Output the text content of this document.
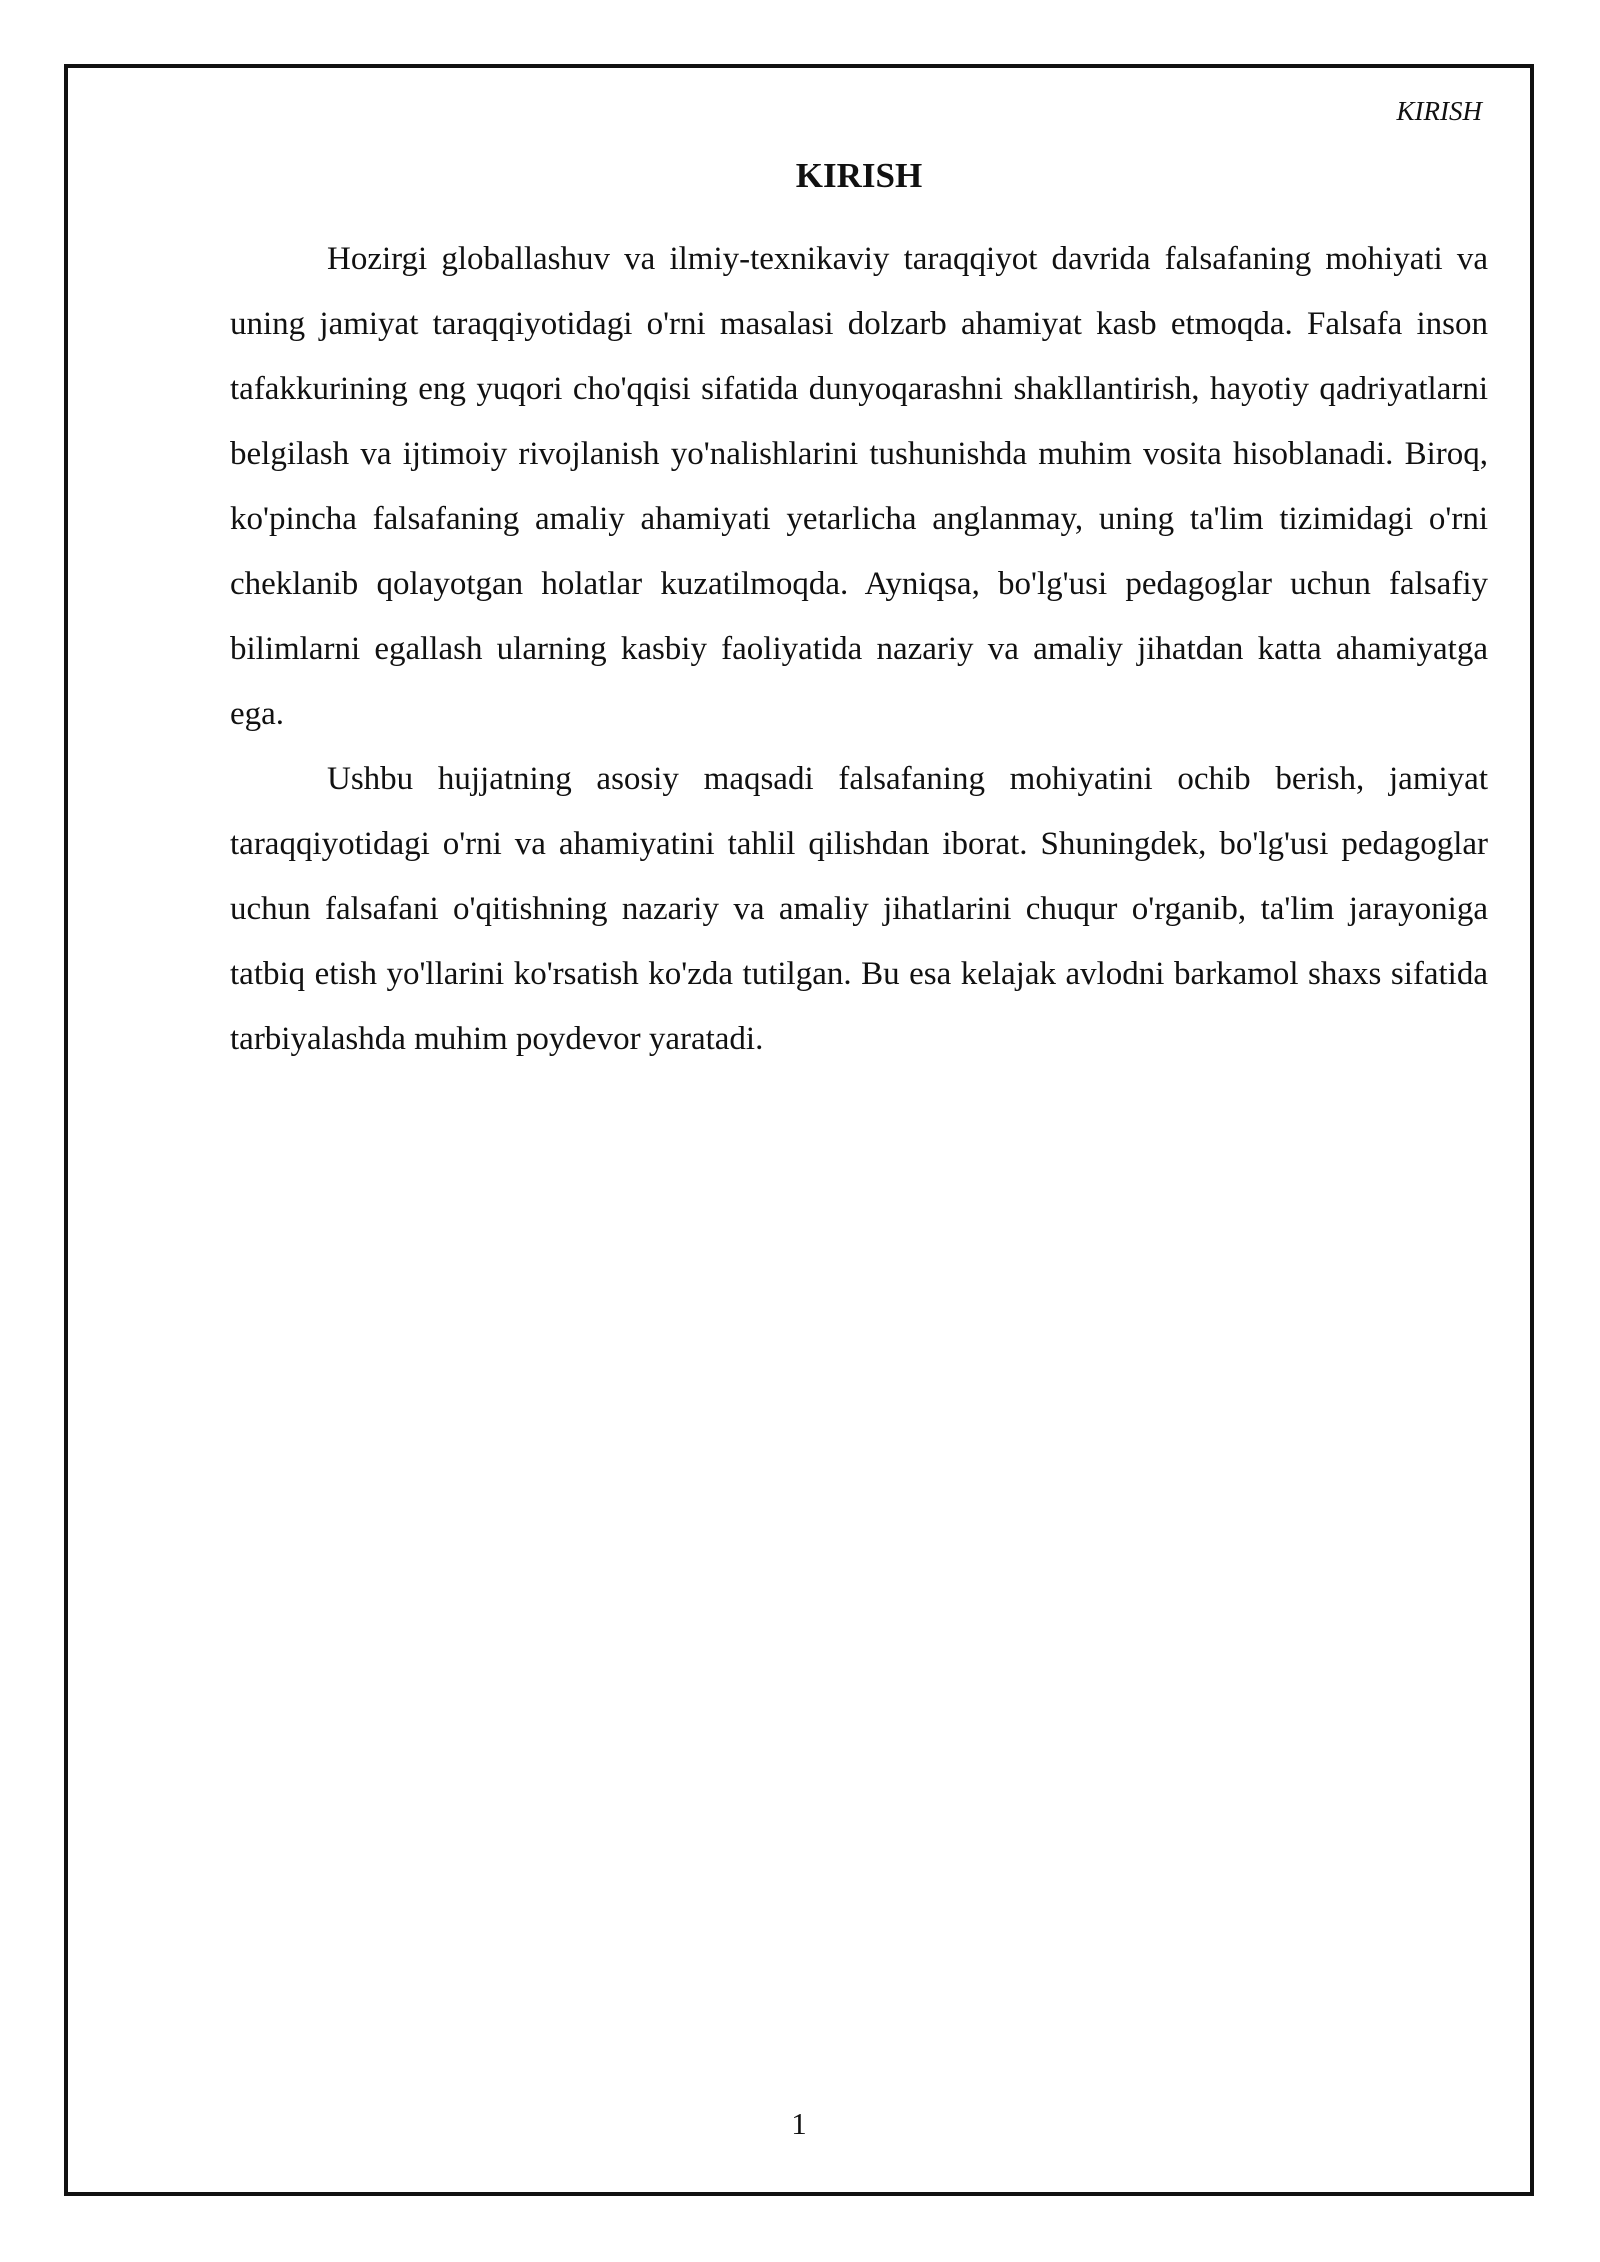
KIRISH
KIRISH

Hozirgi globallashuv va ilmiy-texnikaviy taraqqiyot davrida falsafaning mohiyati va uning jamiyat taraqqiyotidagi o'rni masalasi dolzarb ahamiyat kasb etmoqda. Falsafa inson tafakkurining eng yuqori cho'qqisi sifatida dunyoqarashni shakllantirish, hayotiy qadriyatlarni belgilash va ijtimoiy rivojlanish yo'nalishlarini tushunishda muhim vosita hisoblanadi. Biroq, ko'pincha falsafaning amaliy ahamiyati yetarlicha anglanmay, uning ta'lim tizimidagi o'rni cheklanib qolayotgan holatlar kuzatilmoqda. Ayniqsa, bo'lg'usi pedagoglar uchun falsafiy bilimlarni egallash ularning kasbiy faoliyatida nazariy va amaliy jihatdan katta ahamiyatga ega.

Ushbu hujjatning asosiy maqsadi falsafaning mohiyatini ochib berish, jamiyat taraqqiyotidagi o'rni va ahamiyatini tahlil qilishdan iborat. Shuningdek, bo'lg'usi pedagoglar uchun falsafani o'qitishning nazariy va amaliy jihatlarini chuqur o'rganib, ta'lim jarayoniga tatbiq etish yo'llarini ko'rsatish ko'zda tutilgan. Bu esa kelajak avlodni barkamol shaxs sifatida tarbiyalashda muhim poydevor yaratadi.

1
